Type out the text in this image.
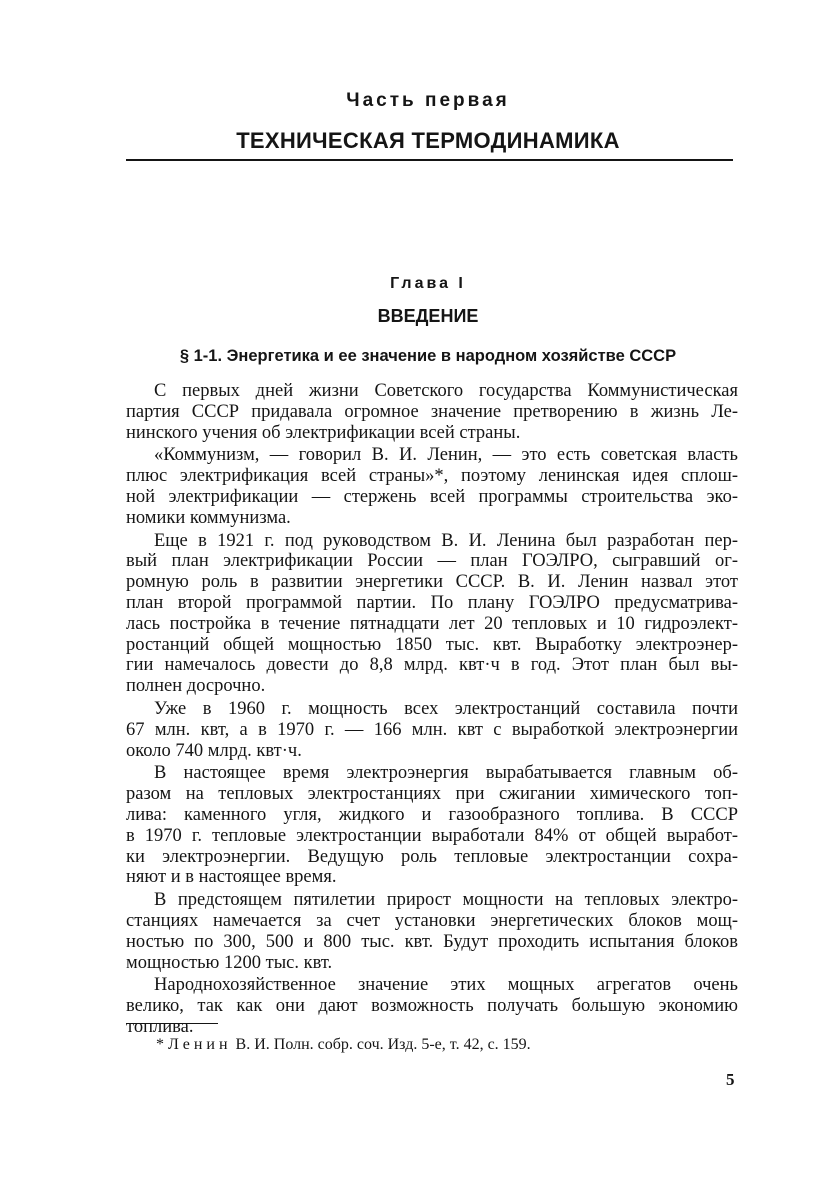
Часть первая
ТЕХНИЧЕСКАЯ ТЕРМОДИНАМИКА
Глава I
ВВЕДЕНИЕ
§ 1-1. Энергетика и ее значение в народном хозяйстве СССР

С первых дней жизни Советского государства Коммунистическая
партия СССР придавала огромное значение претворению в жизнь Ле-
нинского учения об электрификации всей страны.

«Коммунизм, — говорил В. И. Ленин, — это есть советская власть
плюс электрификация всей страны»*, поэтому ленинская идея сплош-
ной электрификации — стержень всей программы строительства эко-
номики коммунизма.

Еще в 1921 г. под руководством В. И. Ленина был разработан пер-
вый план электрификации России — план ГОЭЛРО, сыгравший ог-
ромную роль в развитии энергетики СССР. В. И. Ленин назвал этот
план второй программой партии. По плану ГОЭЛРО предусматрива-
лась постройка в течение пятнадцати лет 20 тепловых и 10 гидроэлект-
ростанций общей мощностью 1850 тыс. квт. Выработку электроэнер-
гии намечалось довести до 8,8 млрд. квт·ч в год. Этот план был вы-
полнен досрочно.

Уже в 1960 г. мощность всех электростанций составила почти
67 млн. квт, а в 1970 г. — 166 млн. квт с выработкой электроэнергии
около 740 млрд. квт·ч.

В настоящее время электроэнергия вырабатывается главным об-
разом на тепловых электростанциях при сжигании химического топ-
лива: каменного угля, жидкого и газообразного топлива. В СССР
в 1970 г. тепловые электростанции выработали 84% от общей выработ-
ки электроэнергии. Ведущую роль тепловые электростанции сохра-
няют и в настоящее время.

В предстоящем пятилетии прирост мощности на тепловых электро-
станциях намечается за счет установки энергетических блоков мощ-
ностью по 300, 500 и 800 тыс. квт. Будут проходить испытания блоков
мощностью 1200 тыс. квт.

Народнохозяйственное значение этих мощных агрегатов очень
велико, так как они дают возможность получать большую экономию
топлива.

* Ленин В. И. Полн. собр. соч. Изд. 5-е, т. 42, с. 159.
5
